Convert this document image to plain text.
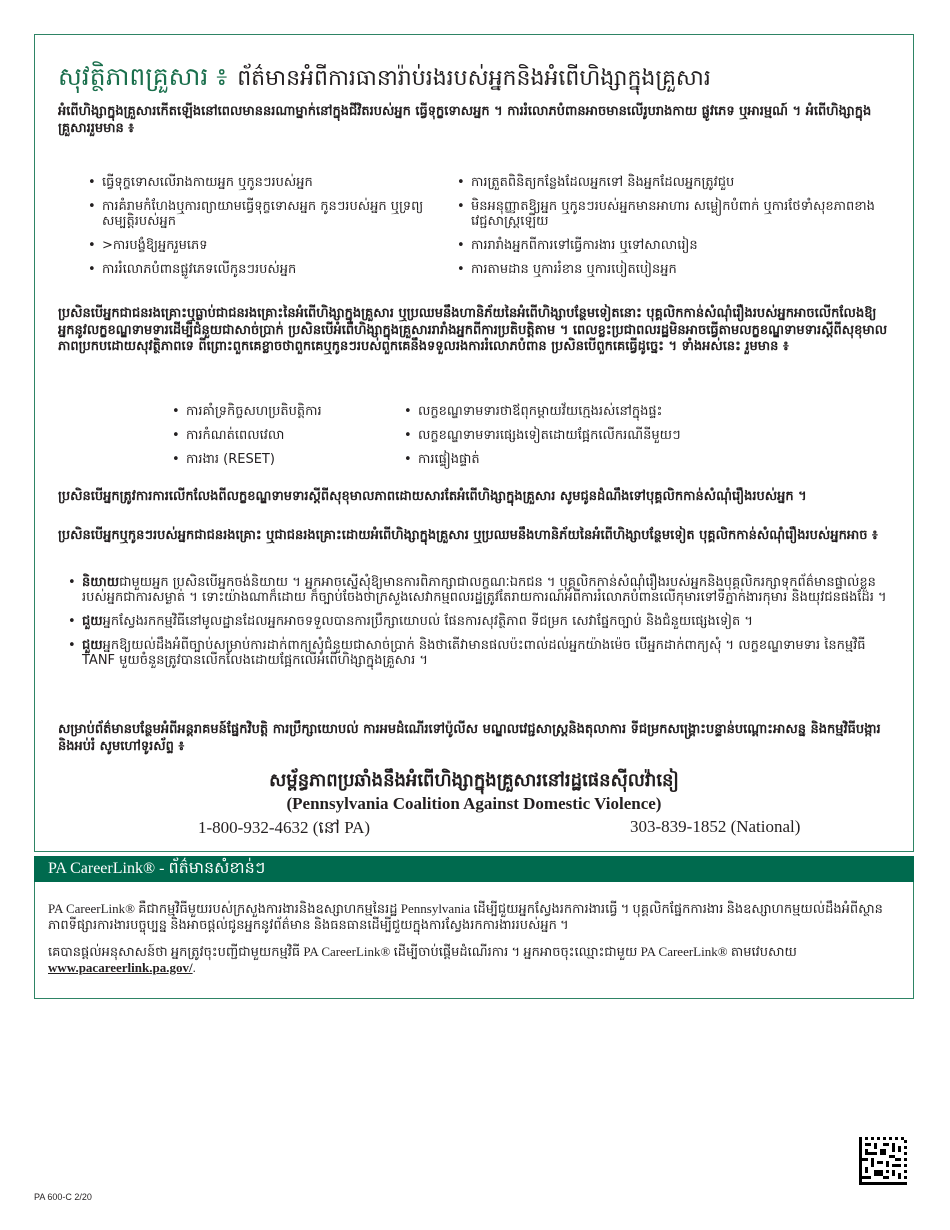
សុវត្ថិភាពគ្រួសារ ៖ ព័ត៌មានអំពីការធានារ៉ាប់រងរបស់អ្នកនិងអំពើហិង្សាក្នុងគ្រួសារ
អំពើហិង្សាក្នុងគ្រួសារកើតឡើងនៅពេលមាននរណាម្នាក់នៅក្នុងជីវិតរបស់អ្នក ធ្វើទុក្ខទោសអ្នក ។ ការរំលោភបំពានអាចមានលើរូបរាងកាយ ផ្លូវភេទ ឬអារម្មណ៍ ។ អំពើហិង្សាក្នុងគ្រួសាររួមមាន ៖
• ធ្វើទុក្ខទោសលើរាងកាយអ្នក ឬកូនៗរបស់អ្នក
• ការគំរាមកំហែងឬការព្យាយាមធ្វើទុក្ខទោសអ្នក កូនៗរបស់អ្នក ឬទ្រព្យសម្បត្តិរបស់អ្នក
• >ការបង្ខំឱ្យអ្នករួមភេទ
• ការរំលោភបំពានផ្លូវភេទលើកូនៗរបស់អ្នក
• ការត្រួតពិនិត្យកន្លែងដែលអ្នកទៅ និងអ្នកដែលអ្នកត្រូវជួប
• មិនអនុញ្ញាតឱ្យអ្នក ឬកូនៗរបស់អ្នកមានអាហារ សម្លៀកបំពាក់ ឬការថែទាំសុខភាពខាងវេជ្ជសាស្ត្រឡើយ
• ការរារាំងអ្នកពីការទៅធ្វើការងារ ឬទៅសាលារៀន
• ការតាមដាន ឬការរំខាន ឬការបៀតបៀនអ្នក
ប្រសិនបើអ្នកជាជនរងគ្រោះឬធ្លាប់ជាជនរងគ្រោះនៃអំពើហិង្សាក្នុងគ្រួសារ ឬប្រឈមនឹងហានិភ័យនៃអំពើហិង្សាបន្ថែមទៀតនោះ បុគ្គលិកកាន់សំណុំរឿងរបស់អ្នកអាចលើកលែងឱ្យអ្នកនូវលក្ខខណ្ឌទាមទារដើម្បីជំនួយជាសាច់ប្រាក់ ប្រសិនបើអំពើហិង្សាក្នុងគ្រួសាររារាំងអ្នកពីការប្រតិបត្តិតាម ។ ពេលខ្លះប្រជាពលរដ្ឋមិនអាចធ្វើតាមលក្ខខណ្ឌទាមទារស្តីពីសុខុមាលភាពប្រកបដោយសុវត្ថិភាពទេ ពីព្រោះពួកគេខ្លាចថាពួកគេឬកូនៗរបស់ពួកគេនឹងទទួលរងការរំលោភបំពាន ប្រសិនបើពួកគេធ្វើដូច្នេះ ។ ទាំងអស់នេះ រួមមាន ៖
• ការគាំទ្រកិច្ចសហប្រតិបត្តិការ
• ការកំណត់ពេលវេលា
• ការងារ (RESET)
• លក្ខខណ្ឌទាមទារថាឪពុកម្តាយវ័យក្មេងរស់នៅក្នុងផ្ទះ
• លក្ខខណ្ឌទាមទារផ្សេងទៀតដោយផ្អែកលើករណីនីមួយៗ
• ការផ្ទៀងផ្ទាត់
ប្រសិនបើអ្នកត្រូវការការលើកលែងពីលក្ខខណ្ឌទាមទារស្តីពីសុខុមាលភាពដោយសារតែអំពើហិង្សាក្នុងគ្រួសារ សូមជូនដំណឹងទៅបុគ្គលិកកាន់សំណុំរឿងរបស់អ្នក ។
ប្រសិនបើអ្នកឬកូនៗរបស់អ្នកជាជនរងគ្រោះ ឬជាជនរងគ្រោះដោយអំពើហិង្សាក្នុងគ្រួសារ ឬប្រឈមនឹងហានិភ័យនៃអំពើហិង្សាបន្ថែមទៀត បុគ្គលិកកាន់សំណុំរឿងរបស់អ្នកអាច ៖
• និយាយជាមួយអ្នក ប្រសិនបើអ្នកចង់និយាយ ។ អ្នកអាចស្នើសុំឱ្យមានការពិភាក្សាជាលក្ខណៈឯកជន ។ បុគ្គលិកកាន់សំណុំរឿងរបស់អ្នកនិងបុគ្គលិករក្សាទុកព័ត៌មានផ្ទាល់ខ្លួនរបស់អ្នកជាការសម្ងាត់ ។ ទោះយ៉ាងណាក៏ដោយ ក៏ច្បាប់ចែងថាក្រសួងសេវាកម្មពលរដ្ឋត្រូវតែរាយការណ៍អំពីការរំលោភបំពានលើកុមារទៅទីភ្នាក់ងារកុមារ និងយុវជនផងដែរ ។
• ជួយអ្នកស្វែងរកកម្មវិធីនៅមូលដ្ឋានដែលអ្នកអាចទទួលបានការប្រឹក្សាយោបល់ ផែនការសុវត្ថិភាព ទីជម្រក សេវាផ្នែកច្បាប់ និងជំនួយផ្សេងទៀត ។
• ជួយអ្នកឱ្យយល់ដឹងអំពីច្បាប់សម្រាប់ការដាក់ពាក្យសុំជំនួយជាសាច់ប្រាក់ និងថាតើវាមានផលប៉ះពាល់ដល់អ្នកយ៉ាងម៉េច បើអ្នកដាក់ពាក្យសុំ ។ លក្ខខណ្ឌទាមទារ នៃកម្មវិធី TANF មួយចំនួនត្រូវបានលើកលែងដោយផ្អែកលើអំពើហិង្សាក្នុងគ្រួសារ ។
សម្រាប់ព័ត៌មានបន្ថែមអំពីអន្តរាគមន៍ផ្នែកវិបត្តិ ការប្រឹក្សាយោបល់ ការអមដំណើរទៅប៉ូលីស មណ្ឌលវេជ្ជសាស្ត្រនិងតុលាការ ទីជម្រកសង្គ្រោះបន្ទាន់បណ្តោះអាសន្ន និងកម្មវិធីបង្ការនិងអប់រំ សូមហៅទូរស័ព្ទ ៖
សម្ព័ន្ធភាពប្រឆាំងនឹងអំពើហិង្សាក្នុងគ្រួសារនៅរដ្ឋផេនស៊ីលវ៉ានៀ
(Pennsylvania Coalition Against Domestic Violence)
1-800-932-4632 (នៅ PA)	303-839-1852 (National)
PA CareerLink® - ព័ត៌មានសំខាន់ៗ
PA CareerLink® គឺជាកម្មវិធីមួយរបស់ក្រសួងការងារនិងឧស្សាហកម្មនៃរដ្ឋ Pennsylvania ដើម្បីជួយអ្នកស្វែងរកការងារធ្វើ ។ បុគ្គលិកផ្នែកការងារ និងឧស្សាហកម្មយល់ដឹងអំពីស្ថានភាពទីផ្សារការងារបច្ចុប្បន្ន និងអាចផ្តល់ជូនអ្នកនូវព័ត៌មាន និងធនធានដើម្បីជួយក្នុងការស្វែងរកការងាររបស់អ្នក ។
គេបានផ្តល់អនុសាសន៍ថា អ្នកត្រូវចុះបញ្ជីជាមួយកម្មវិធី PA CareerLink® ដើម្បីចាប់ផ្តើមដំណើរការ ។ អ្នកអាចចុះឈ្មោះជាមួយ PA CareerLink® តាមវេបសាយ www.pacareerlink.pa.gov/.
PA 600-C 2/20
